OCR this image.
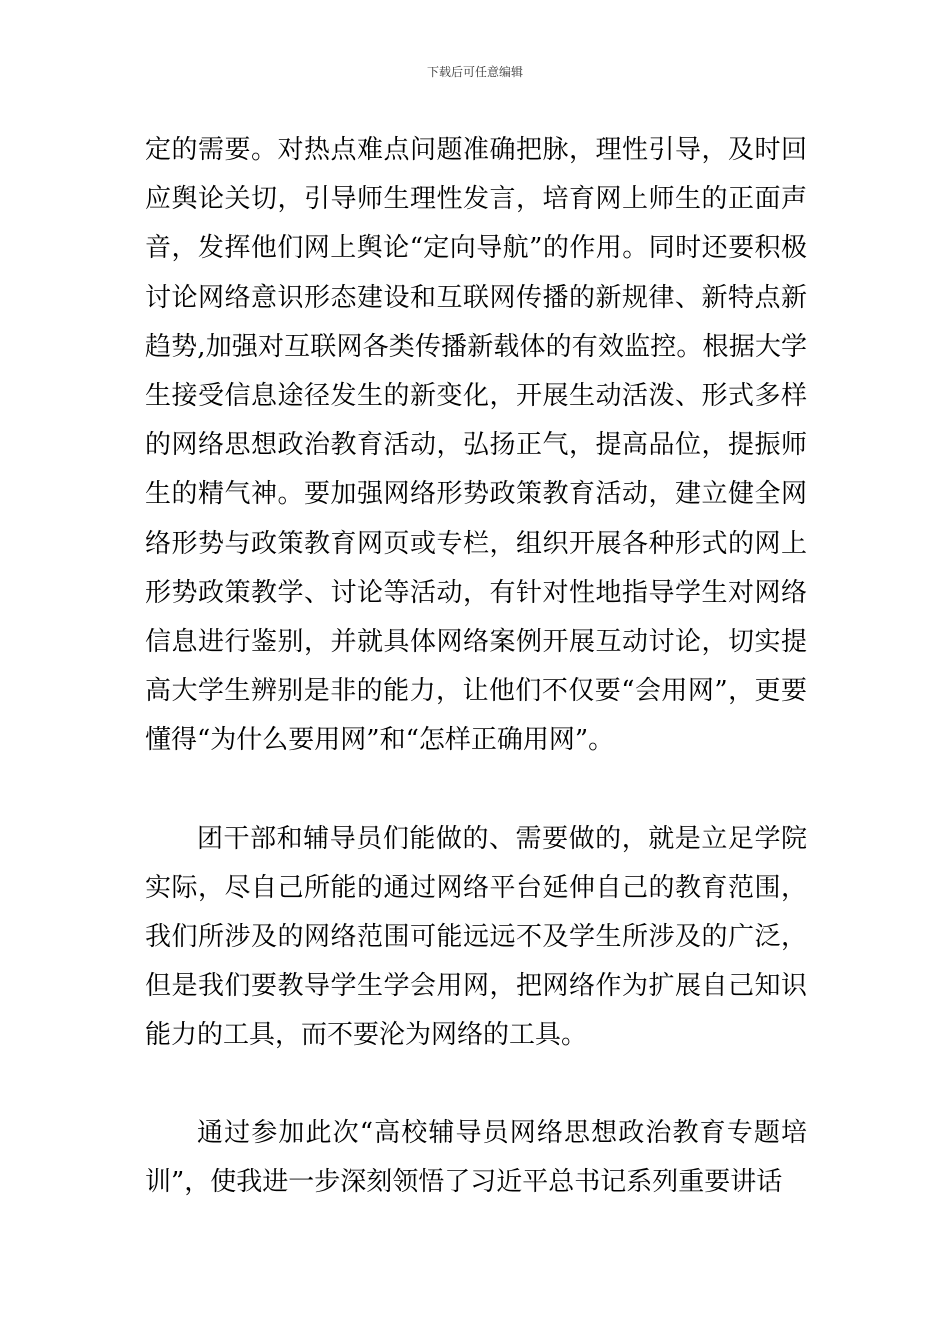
下载后可任意编辑

定的需要。对热点难点问题准确把脉，理性引导，及时回应舆论关切，引导师生理性发言，培育网上师生的正面声音，发挥他们网上舆论“定向导航”的作用。同时还要积极讨论网络意识形态建设和互联网传播的新规律、新特点新趋势,加强对互联网各类传播新载体的有效监控。根据大学生接受信息途径发生的新变化，开展生动活泼、形式多样的网络思想政治教育活动，弘扬正气，提高品位，提振师生的精气神。要加强网络形势政策教育活动，建立健全网络形势与政策教育网页或专栏，组织开展各种形式的网上形势政策教学、讨论等活动，有针对性地指导学生对网络信息进行鉴别，并就具体网络案例开展互动讨论，切实提高大学生辨别是非的能力，让他们不仅要“会用网”，更要懂得“为什么要用网”和“怎样正确用网”。

团干部和辅导员们能做的、需要做的，就是立足学院实际，尽自己所能的通过网络平台延伸自己的教育范围，我们所涉及的网络范围可能远远不及学生所涉及的广泛，但是我们要教导学生学会用网，把网络作为扩展自己知识能力的工具，而不要沦为网络的工具。

通过参加此次“高校辅导员网络思想政治教育专题培训”，使我进一步深刻领悟了习近平总书记系列重要讲话
